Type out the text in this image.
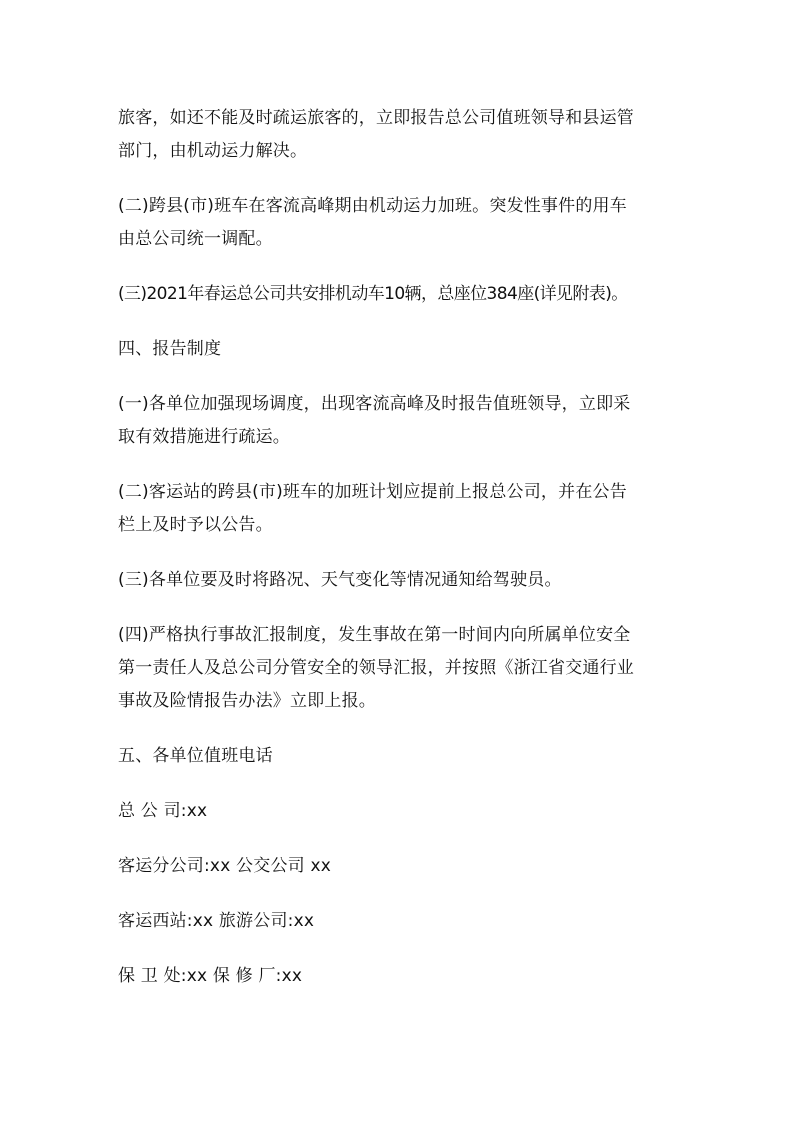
旅客，如还不能及时疏运旅客的，立即报告总公司值班领导和县运管
部门，由机动运力解决。

(二)跨县(市)班车在客流高峰期由机动运力加班。突发性事件的用车
由总公司统一调配。

(三)2021年春运总公司共安排机动车10辆，总座位384座(详见附表)。

四、报告制度

(一)各单位加强现场调度，出现客流高峰及时报告值班领导，立即采
取有效措施进行疏运。

(二)客运站的跨县(市)班车的加班计划应提前上报总公司，并在公告
栏上及时予以公告。

(三)各单位要及时将路况、天气变化等情况通知给驾驶员。

(四)严格执行事故汇报制度，发生事故在第一时间内向所属单位安全
第一责任人及总公司分管安全的领导汇报，并按照《浙江省交通行业
事故及险情报告办法》立即上报。

五、各单位值班电话

总 公 司:xx

客运分公司:xx 公交公司 xx

客运西站:xx 旅游公司:xx

保 卫 处:xx 保 修 厂:xx
